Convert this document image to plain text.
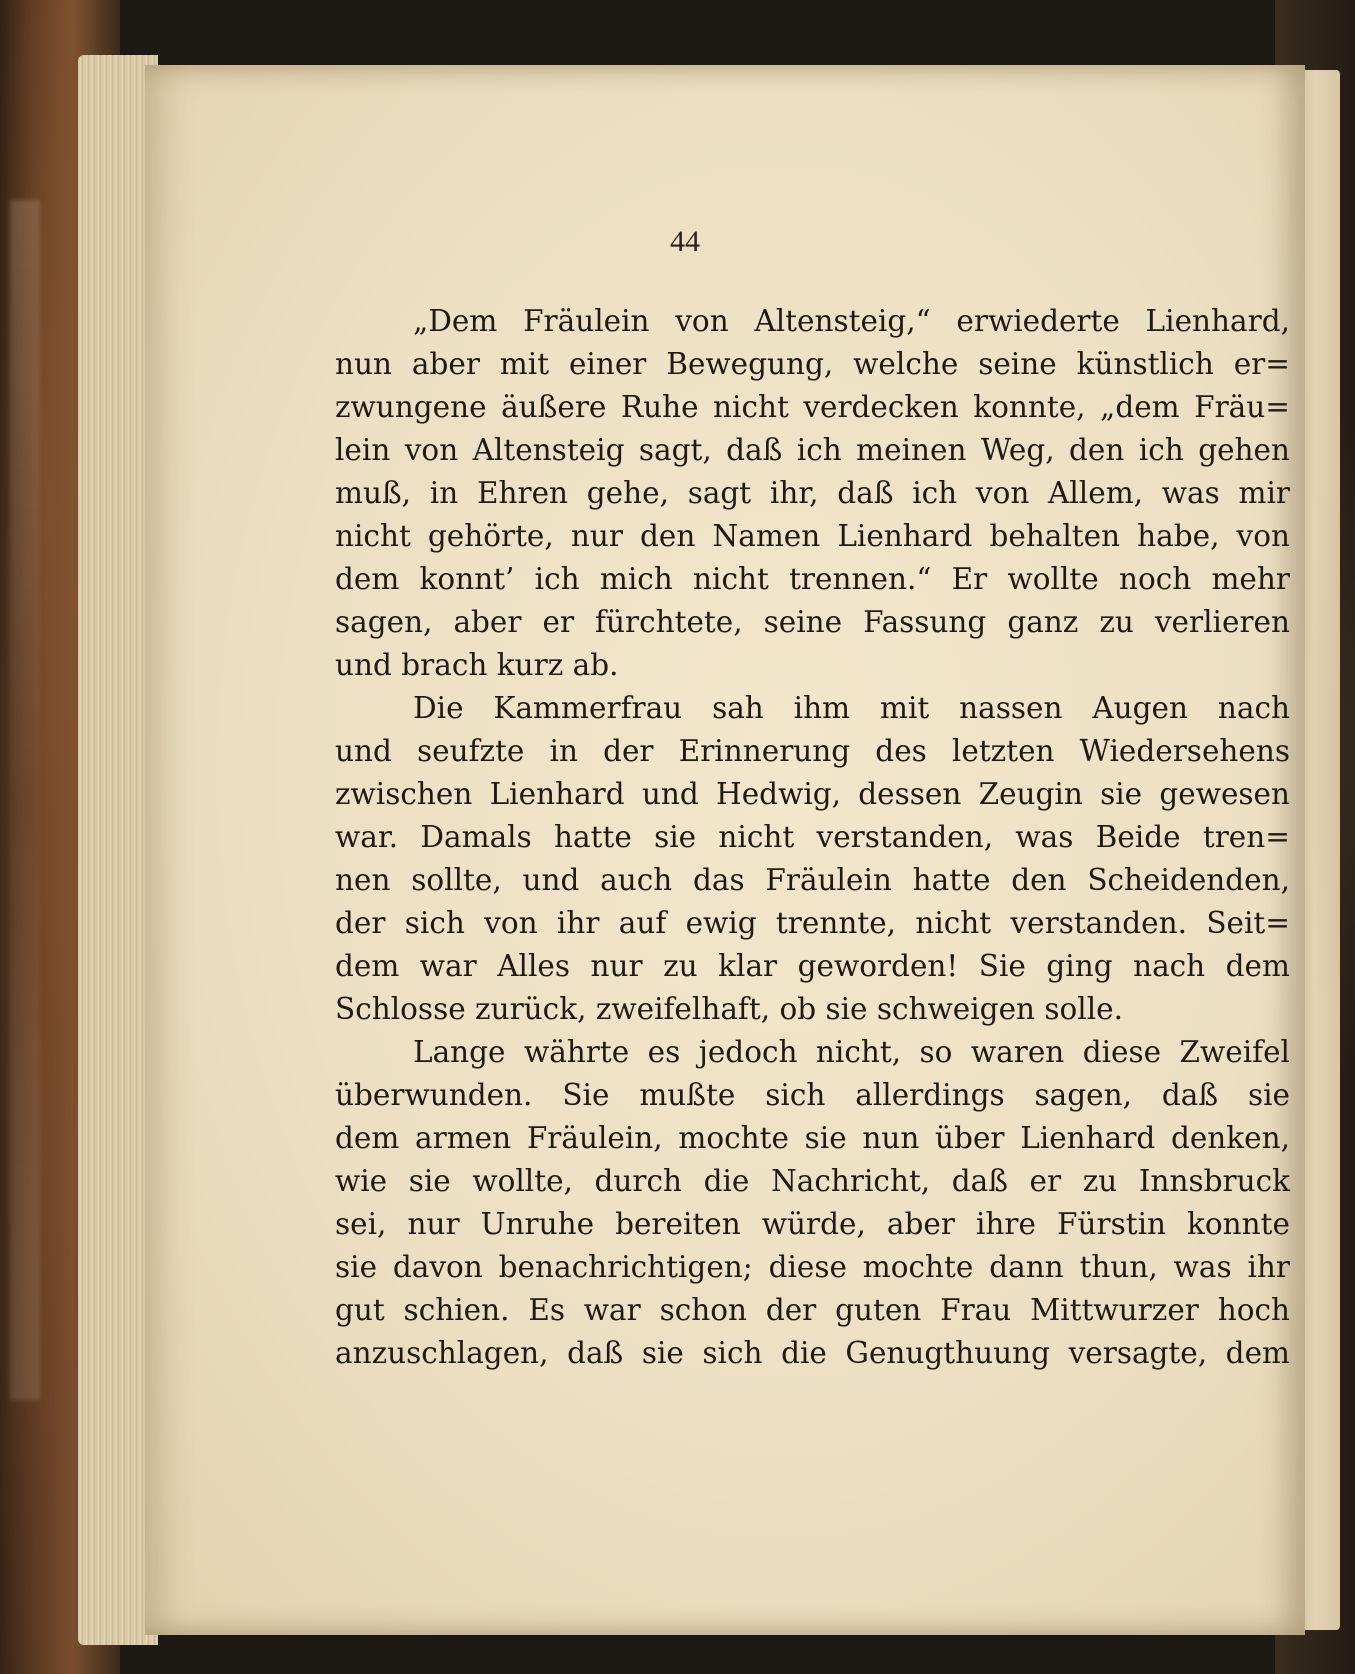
44
„Dem Fräulein von Altensteig,“ erwiederte Lienhard,
nun aber mit einer Bewegung, welche seine künstlich er=
zwungene äußere Ruhe nicht verdecken konnte, „dem Fräu=
lein von Altensteig sagt, daß ich meinen Weg, den ich gehen
muß, in Ehren gehe, sagt ihr, daß ich von Allem, was mir
nicht gehörte, nur den Namen Lienhard behalten habe, von
dem konnt’ ich mich nicht trennen.“ Er wollte noch mehr
sagen, aber er fürchtete, seine Fassung ganz zu verlieren
und brach kurz ab.
Die Kammerfrau sah ihm mit nassen Augen nach
und seufzte in der Erinnerung des letzten Wiedersehens
zwischen Lienhard und Hedwig, dessen Zeugin sie gewesen
war. Damals hatte sie nicht verstanden, was Beide tren=
nen sollte, und auch das Fräulein hatte den Scheidenden,
der sich von ihr auf ewig trennte, nicht verstanden. Seit=
dem war Alles nur zu klar geworden! Sie ging nach dem
Schlosse zurück, zweifelhaft, ob sie schweigen solle.
Lange währte es jedoch nicht, so waren diese Zweifel
überwunden. Sie mußte sich allerdings sagen, daß sie
dem armen Fräulein, mochte sie nun über Lienhard denken,
wie sie wollte, durch die Nachricht, daß er zu Innsbruck
sei, nur Unruhe bereiten würde, aber ihre Fürstin konnte
sie davon benachrichtigen; diese mochte dann thun, was ihr
gut schien. Es war schon der guten Frau Mittwurzer hoch
anzuschlagen, daß sie sich die Genugthuung versagte, dem
